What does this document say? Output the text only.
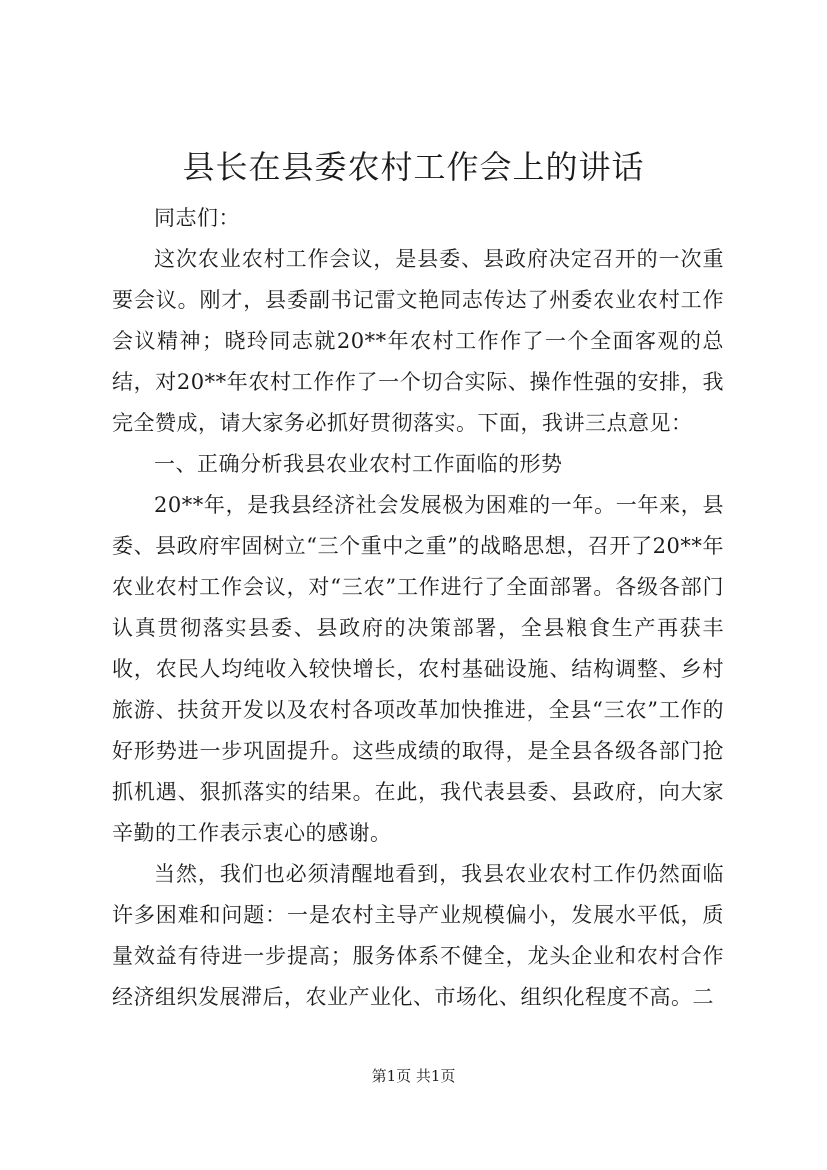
县长在县委农村工作会上的讲话

同志们：

这次农业农村工作会议，是县委、县政府决定召开的一次重要会议。刚才，县委副书记雷文艳同志传达了州委农业农村工作会议精神；晓玲同志就20**年农村工作作了一个全面客观的总结，对20**年农村工作作了一个切合实际、操作性强的安排，我完全赞成，请大家务必抓好贯彻落实。下面，我讲三点意见：

一、正确分析我县农业农村工作面临的形势

20**年，是我县经济社会发展极为困难的一年。一年来，县委、县政府牢固树立“三个重中之重”的战略思想，召开了20**年农业农村工作会议，对“三农”工作进行了全面部署。各级各部门认真贯彻落实县委、县政府的决策部署，全县粮食生产再获丰收，农民人均纯收入较快增长，农村基础设施、结构调整、乡村旅游、扶贫开发以及农村各项改革加快推进，全县“三农”工作的好形势进一步巩固提升。这些成绩的取得，是全县各级各部门抢抓机遇、狠抓落实的结果。在此，我代表县委、县政府，向大家辛勤的工作表示衷心的感谢。

当然，我们也必须清醒地看到，我县农业农村工作仍然面临许多困难和问题：一是农村主导产业规模偏小，发展水平低，质量效益有待进一步提高；服务体系不健全，龙头企业和农村合作经济组织发展滞后，农业产业化、市场化、组织化程度不高。二

第1页 共1页
